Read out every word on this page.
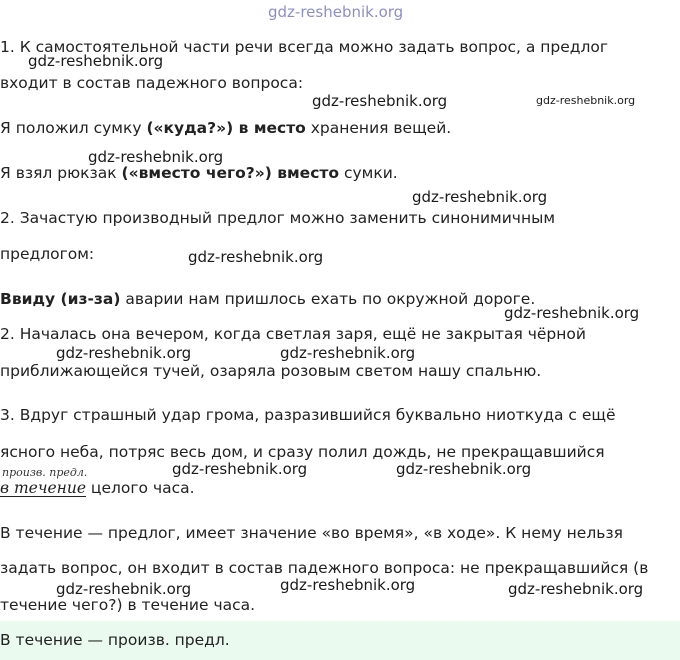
gdz-reshebnik.org
1. К самостоятельной части речи всегда можно задать вопрос, а предлог
входит в состав падежного вопроса:
Я положил сумку («куда?») в место хранения вещей.
Я взял рюкзак («вместо чего?») вместо сумки.
2. Зачастую производный предлог можно заменить синонимичным
предлогом:
Ввиду (из-за) аварии нам пришлось ехать по окружной дороге.
2. Началась она вечером, когда светлая заря, ещё не закрытая чёрной
приближающейся тучей, озаряла розовым светом нашу спальню.
3. Вдруг страшный удар грома, разразившийся буквально ниоткуда с ещё
ясного неба, потряс весь дом, и сразу полил дождь, не прекращавшийся
произв. предл.
в течение целого часа.
В течение — предлог, имеет значение «во время», «в ходе». К нему нельзя
задать вопрос, он входит в состав падежного вопроса: не прекращавшийся (в
течение чего?) в течение часа.
В течение — произв. предл.
gdz-reshebnik.org
gdz-reshebnik.org	gdz-reshebnik.org
gdz-reshebnik.org
gdz-reshebnik.org
gdz-reshebnik.org
gdz-reshebnik.org
gdz-reshebnik.org	gdz-reshebnik.org
gdz-reshebnik.org	gdz-reshebnik.org
gdz-reshebnik.org	gdz-reshebnik.org	gdz-reshebnik.org
